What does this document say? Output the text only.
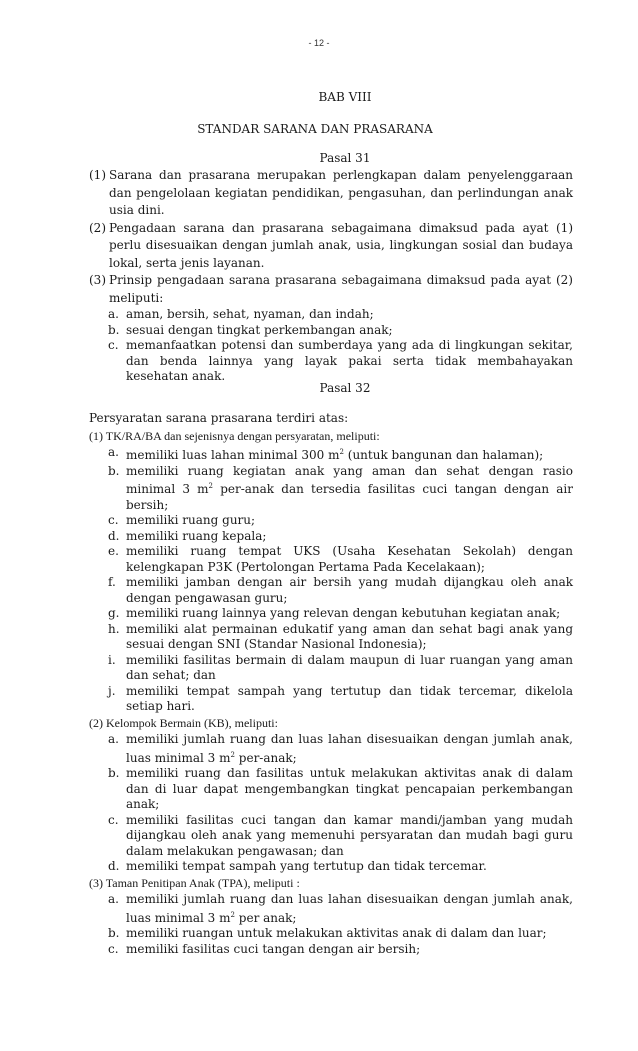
- 12 -
BAB VIII
STANDAR SARANA DAN PRASARANA
Pasal 31

(1) Sarana dan prasarana merupakan perlengkapan dalam penyelenggaraan dan pengelolaan kegiatan pendidikan, pengasuhan, dan perlindungan anak usia dini.

(2) Pengadaan sarana dan prasarana sebagaimana dimaksud pada ayat (1) perlu disesuaikan dengan jumlah anak, usia, lingkungan sosial dan budaya lokal, serta jenis layanan.

(3) Prinsip pengadaan sarana prasarana sebagaimana dimaksud pada ayat (2) meliputi:

a. aman, bersih, sehat, nyaman, dan indah;

b. sesuai dengan tingkat perkembangan anak;

c. memanfaatkan potensi dan sumberdaya yang ada di lingkungan sekitar, dan benda lainnya yang layak pakai serta tidak membahayakan kesehatan anak.

Pasal 32

Persyaratan sarana prasarana terdiri atas:

(1) TK/RA/BA dan sejenisnya dengan persyaratan, meliputi:

a. memiliki luas lahan minimal 300 $m^2$ (untuk bangunan dan halaman);

b. memiliki ruang kegiatan anak yang aman dan sehat dengan rasio minimal 3 $m^2$ per-anak dan tersedia fasilitas cuci tangan dengan air bersih;

c. memiliki ruang guru;

d. memiliki ruang kepala;

e. memiliki ruang tempat UKS (Usaha Kesehatan Sekolah) dengan kelengkapan P3K (Pertolongan Pertama Pada Kecelakaan);

f. memiliki jamban dengan air bersih yang mudah dijangkau oleh anak dengan pengawasan guru;

g. memiliki ruang lainnya yang relevan dengan kebutuhan kegiatan anak;

h. memiliki alat permainan edukatif yang aman dan sehat bagi anak yang sesuai dengan SNI (Standar Nasional Indonesia);

i. memiliki fasilitas bermain di dalam maupun di luar ruangan yang aman dan sehat; dan

j. memiliki tempat sampah yang tertutup dan tidak tercemar, dikelola setiap hari.

(2) Kelompok Bermain (KB), meliputi:

a. memiliki jumlah ruang dan luas lahan disesuaikan dengan jumlah anak, luas minimal 3 $m^2$ per-anak;

b. memiliki ruang dan fasilitas untuk melakukan aktivitas anak di dalam dan di luar dapat mengembangkan tingkat pencapaian perkembangan anak;

c. memiliki fasilitas cuci tangan dan kamar mandi/jamban yang mudah dijangkau oleh anak yang memenuhi persyaratan dan mudah bagi guru dalam melakukan pengawasan; dan

d. memiliki tempat sampah yang tertutup dan tidak tercemar.

(3) Taman Penitipan Anak (TPA), meliputi :

a. memiliki jumlah ruang dan luas lahan disesuaikan dengan jumlah anak, luas minimal 3 $m^2$ per anak;

b. memiliki ruangan untuk melakukan aktivitas anak di dalam dan luar;

c. memiliki fasilitas cuci tangan dengan air bersih;
